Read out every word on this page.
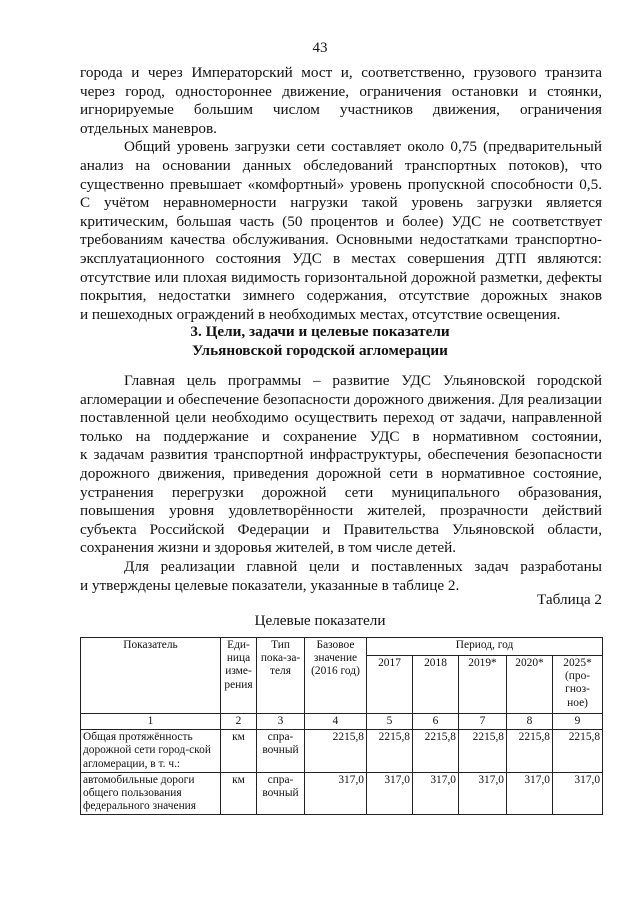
43

города и через Императорский мост и, соответственно, грузового транзита

через город, одностороннее движение, ограничения остановки и стоянки,

игнорируемые большим числом участников движения, ограничения

отдельных маневров.

Общий уровень загрузки сети составляет около 0,75 (предварительный

анализ на основании данных обследований транспортных потоков), что

существенно превышает «комфортный» уровень пропускной способности 0,5.

С учётом неравномерности нагрузки такой уровень загрузки является

критическим, большая часть (50 процентов и более) УДС не соответствует

требованиям качества обслуживания. Основными недостатками транспортно-

эксплуатационного состояния УДС в местах совершения ДТП являются:

отсутствие или плохая видимость горизонтальной дорожной разметки, дефекты

покрытия, недостатки зимнего содержания, отсутствие дорожных знаков

и пешеходных ограждений в необходимых местах, отсутствие освещения.

3. Цели, задачи и целевые показатели
Ульяновской городской агломерации

Главная цель программы – развитие УДС Ульяновской городской

агломерации и обеспечение безопасности дорожного движения. Для реализации

поставленной цели необходимо осуществить переход от задачи, направленной

только на поддержание и сохранение УДС в нормативном состоянии,

к задачам развития транспортной инфраструктуры, обеспечения безопасности

дорожного движения, приведения дорожной сети в нормативное состояние,

устранения перегрузки дорожной сети муниципального образования,

повышения уровня удовлетворённости жителей, прозрачности действий

субъекта Российской Федерации и Правительства Ульяновской области,

сохранения жизни и здоровья жителей, в том числе детей.

Для реализации главной цели и поставленных задач разработаны

и утверждены целевые показатели, указанные в таблице 2.

Таблица 2
Целевые показатели
Показатель	Еди-ница изме-рения	Тип пока-за-теля	Базовое значение (2016 год)	Период, год				
				2017	2018	2019*	2020*	2025* (про-гноз-ное)
1	2	3	4	5	6	7	8	9
Общая протяжённость дорожной сети город-ской агломерации, в т. ч.:	км	спра-вочный	2215,8	2215,8	2215,8	2215,8	2215,8	2215,8
автомобильные дороги общего пользования федерального значения	км	спра-вочный	317,0	317,0	317,0	317,0	317,0	317,0
